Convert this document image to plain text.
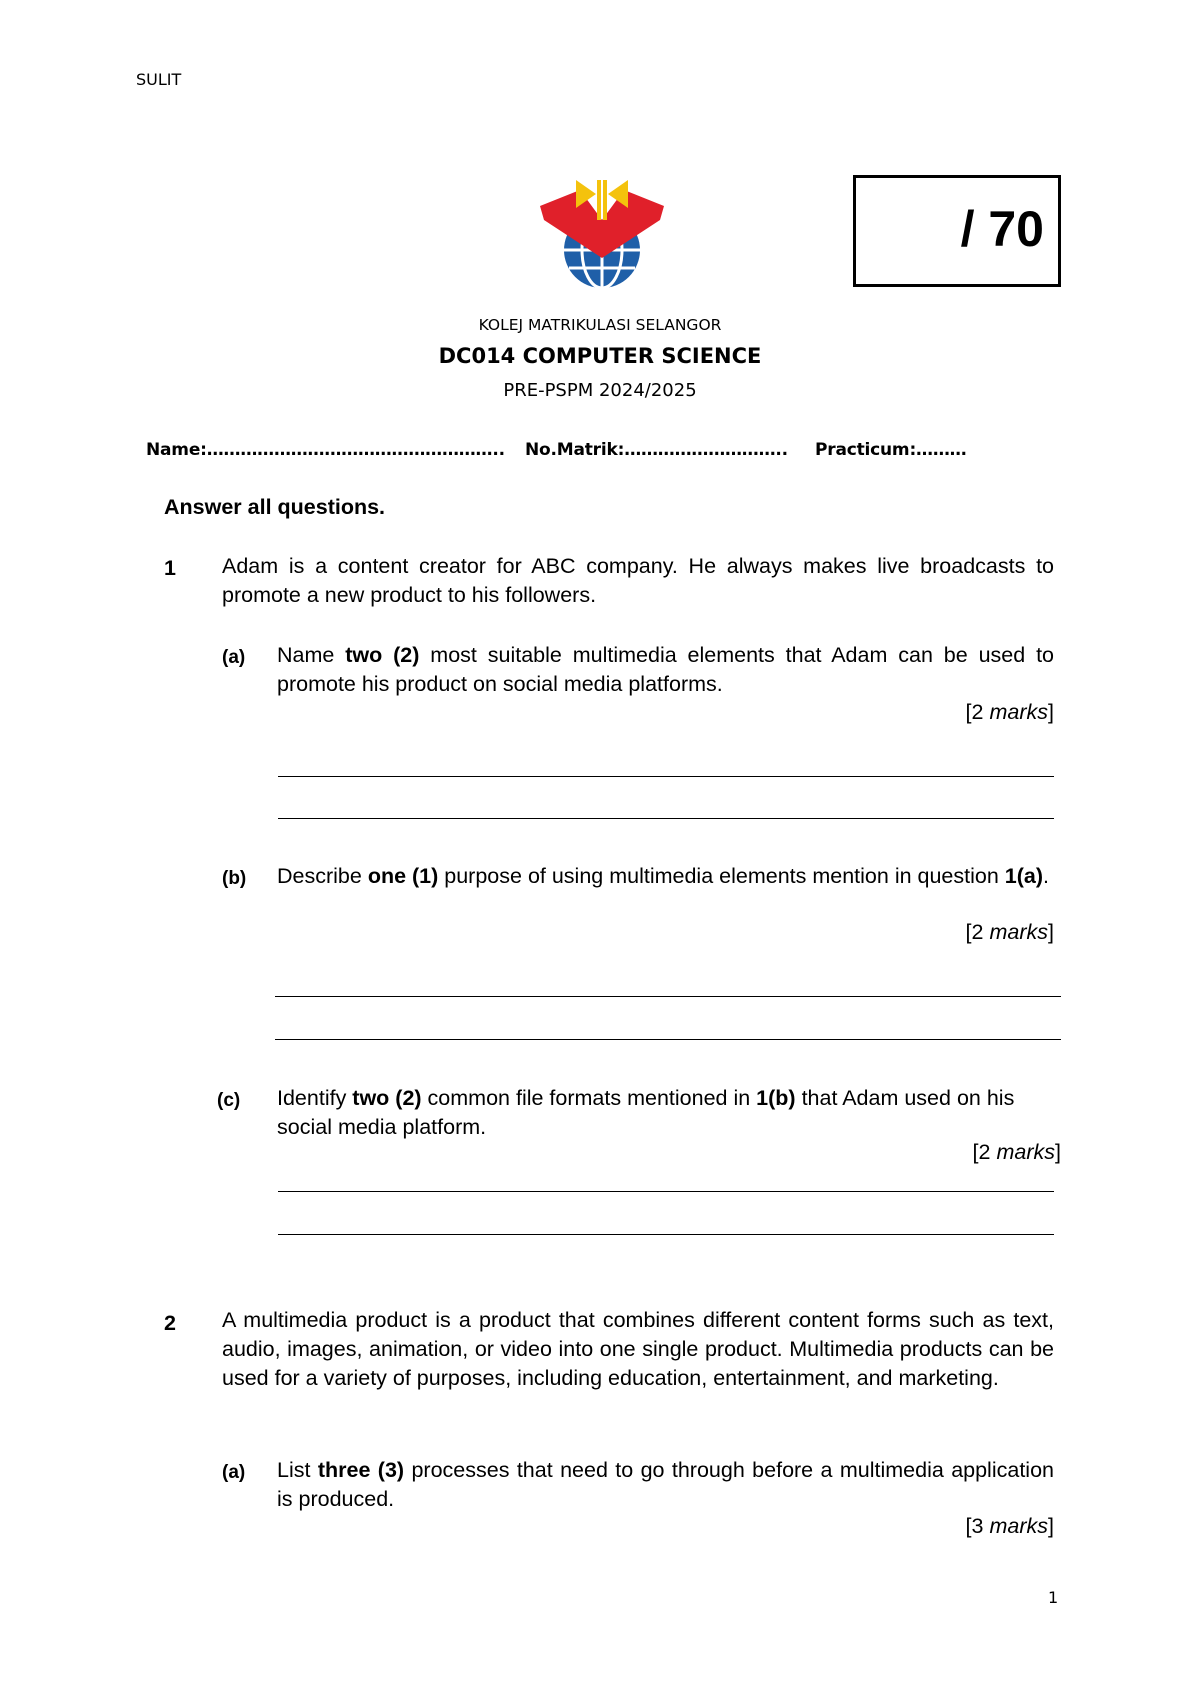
SULIT
/ 70
KOLEJ MATRIKULASI SELANGOR
DC014 COMPUTER SCIENCE
PRE-PSPM 2024/2025
Name:…………………………………………….. No.Matrik:……………………….. Practicum:………
Answer all questions.
1 Adam is a content creator for ABC company. He always makes live broadcasts to promote a new product to his followers.
(a) Name two (2) most suitable multimedia elements that Adam can be used to promote his product on social media platforms.
[2 marks]
(b) Describe one (1) purpose of using multimedia elements mention in question 1(a).
[2 marks]
(c) Identify two (2) common file formats mentioned in 1(b) that Adam used on his social media platform.
[2 marks]
2 A multimedia product is a product that combines different content forms such as text, audio, images, animation, or video into one single product. Multimedia products can be used for a variety of purposes, including education, entertainment, and marketing.
(a) List three (3) processes that need to go through before a multimedia application is produced.
[3 marks]
1
